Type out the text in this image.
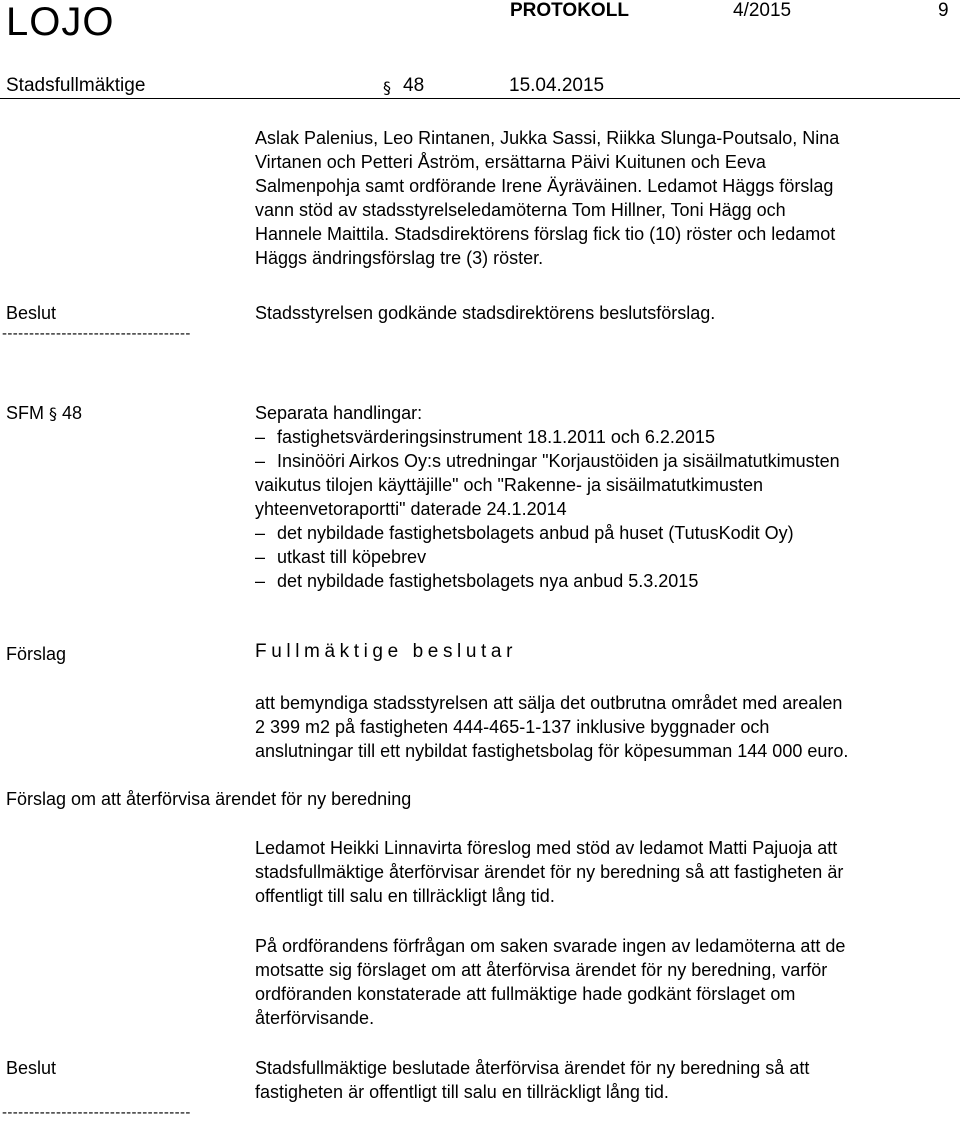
LOJO	PROTOKOLL	4/2015	9
Stadsfullmäktige	§ 48	15.04.2015
Aslak Palenius, Leo Rintanen, Jukka Sassi, Riikka Slunga-Poutsalo, Nina
Virtanen och Petteri Åström, ersättarna Päivi Kuitunen och Eeva
Salmenpohja samt ordförande Irene Äyräväinen. Ledamot Häggs förslag
vann stöd av stadsstyrelseledamöterna Tom Hillner, Toni Hägg och
Hannele Maittila. Stadsdirektörens förslag fick tio (10) röster och ledamot
Häggs ändringsförslag tre (3) röster.
Beslut	Stadsstyrelsen godkände stadsdirektörens beslutsförslag.
-----------------------------------
SFM § 48	Separata handlingar:
– fastighetsvärderingsinstrument 18.1.2011 och 6.2.2015
– Insinööri Airkos Oy:s utredningar "Korjaustöiden ja sisäilmatutkimusten
vaikutus tilojen käyttäjille" och "Rakenne- ja sisäilmatutkimusten
yhteenvetoraportti" daterade 24.1.2014
– det nybildade fastighetsbolagets anbud på huset (TutusKodit Oy)
– utkast till köpebrev
– det nybildade fastighetsbolagets nya anbud 5.3.2015
Förslag	Fullmäktige beslutar
att bemyndiga stadsstyrelsen att sälja det outbrutna området med arealen
2 399 m2 på fastigheten 444-465-1-137 inklusive byggnader och
anslutningar till ett nybildat fastighetsbolag för köpesumman 144 000 euro.
Förslag om att återförvisa ärendet för ny beredning
Ledamot Heikki Linnavirta föreslog med stöd av ledamot Matti Pajuoja att
stadsfullmäktige återförvisar ärendet för ny beredning så att fastigheten är
offentligt till salu en tillräckligt lång tid.
På ordförandens förfrågan om saken svarade ingen av ledamöterna att de
motsatte sig förslaget om att återförvisa ärendet för ny beredning, varför
ordföranden konstaterade att fullmäktige hade godkänt förslaget om
återförvisande.
Beslut	Stadsfullmäktige beslutade återförvisa ärendet för ny beredning så att
fastigheten är offentligt till salu en tillräckligt lång tid.
-----------------------------------
